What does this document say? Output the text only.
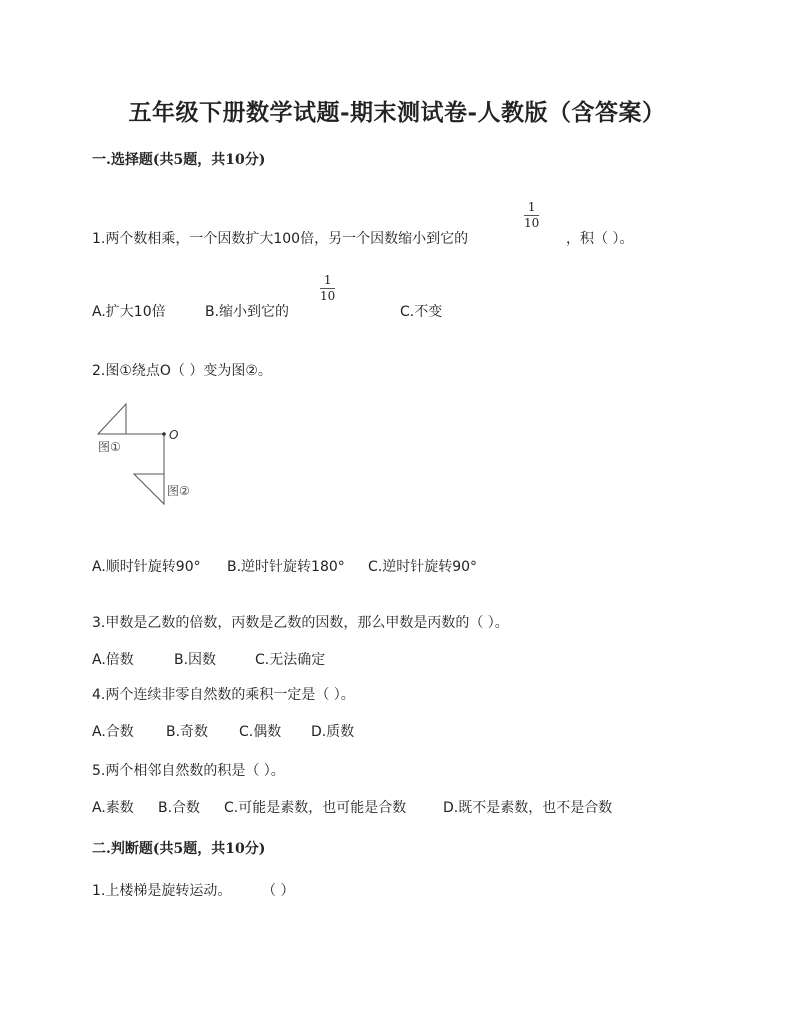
五年级下册数学试题-期末测试卷-人教版（含答案）
一.选择题(共5题，共10分)
1.两个数相乘，一个因数扩大100倍，另一个因数缩小到它的
$\frac{1}{10}$
，积（ ）。
A.扩大10倍	B.缩小到它的
$\frac{1}{10}$
C.不变
2.图①绕点O（ ）变为图②。
O
图①
图②
A.顺时针旋转90° B.逆时针旋转180° C.逆时针旋转90°
3.甲数是乙数的倍数，丙数是乙数的因数，那么甲数是丙数的（ ）。
A.倍数	B.因数	C.无法确定
4.两个连续非零自然数的乘积一定是（ ）。
A.合数 B.奇数 C.偶数 D.质数
5.两个相邻自然数的积是（ ）。
A.素数 B.合数 C.可能是素数，也可能是合数	D.既不是素数，也不是合数
二.判断题(共5题，共10分)
1.上楼梯是旋转运动。 （ ）
